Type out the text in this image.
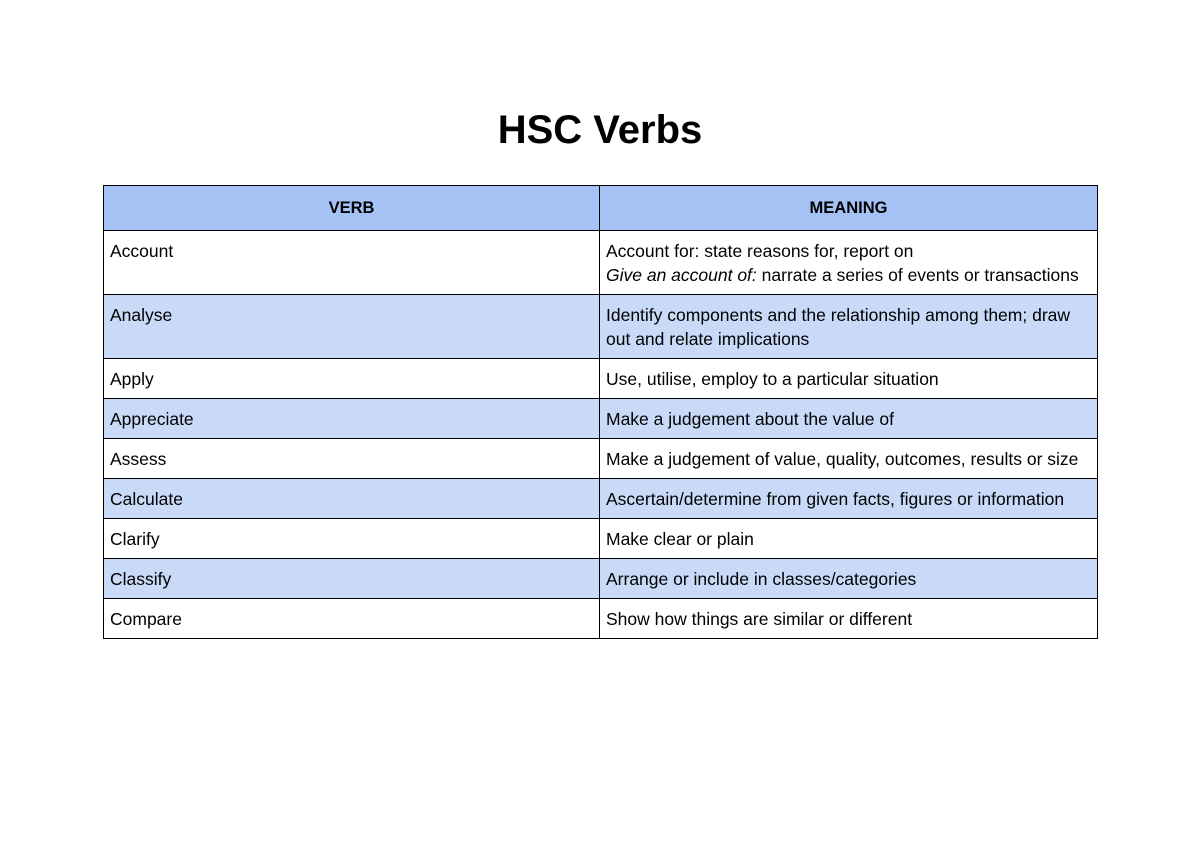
HSC Verbs
VERB	MEANING
Account	Account for: state reasons for, report on
Give an account of: narrate a series of events or transactions

Analyse	Identify components and the relationship among them; draw out and relate implications

Apply	Use, utilise, employ to a particular situation

Appreciate	Make a judgement about the value of

Assess	Make a judgement of value, quality, outcomes, results or size

Calculate	Ascertain/determine from given facts, figures or information

Clarify	Make clear or plain

Classify	Arrange or include in classes/categories

Compare	Show how things are similar or different
